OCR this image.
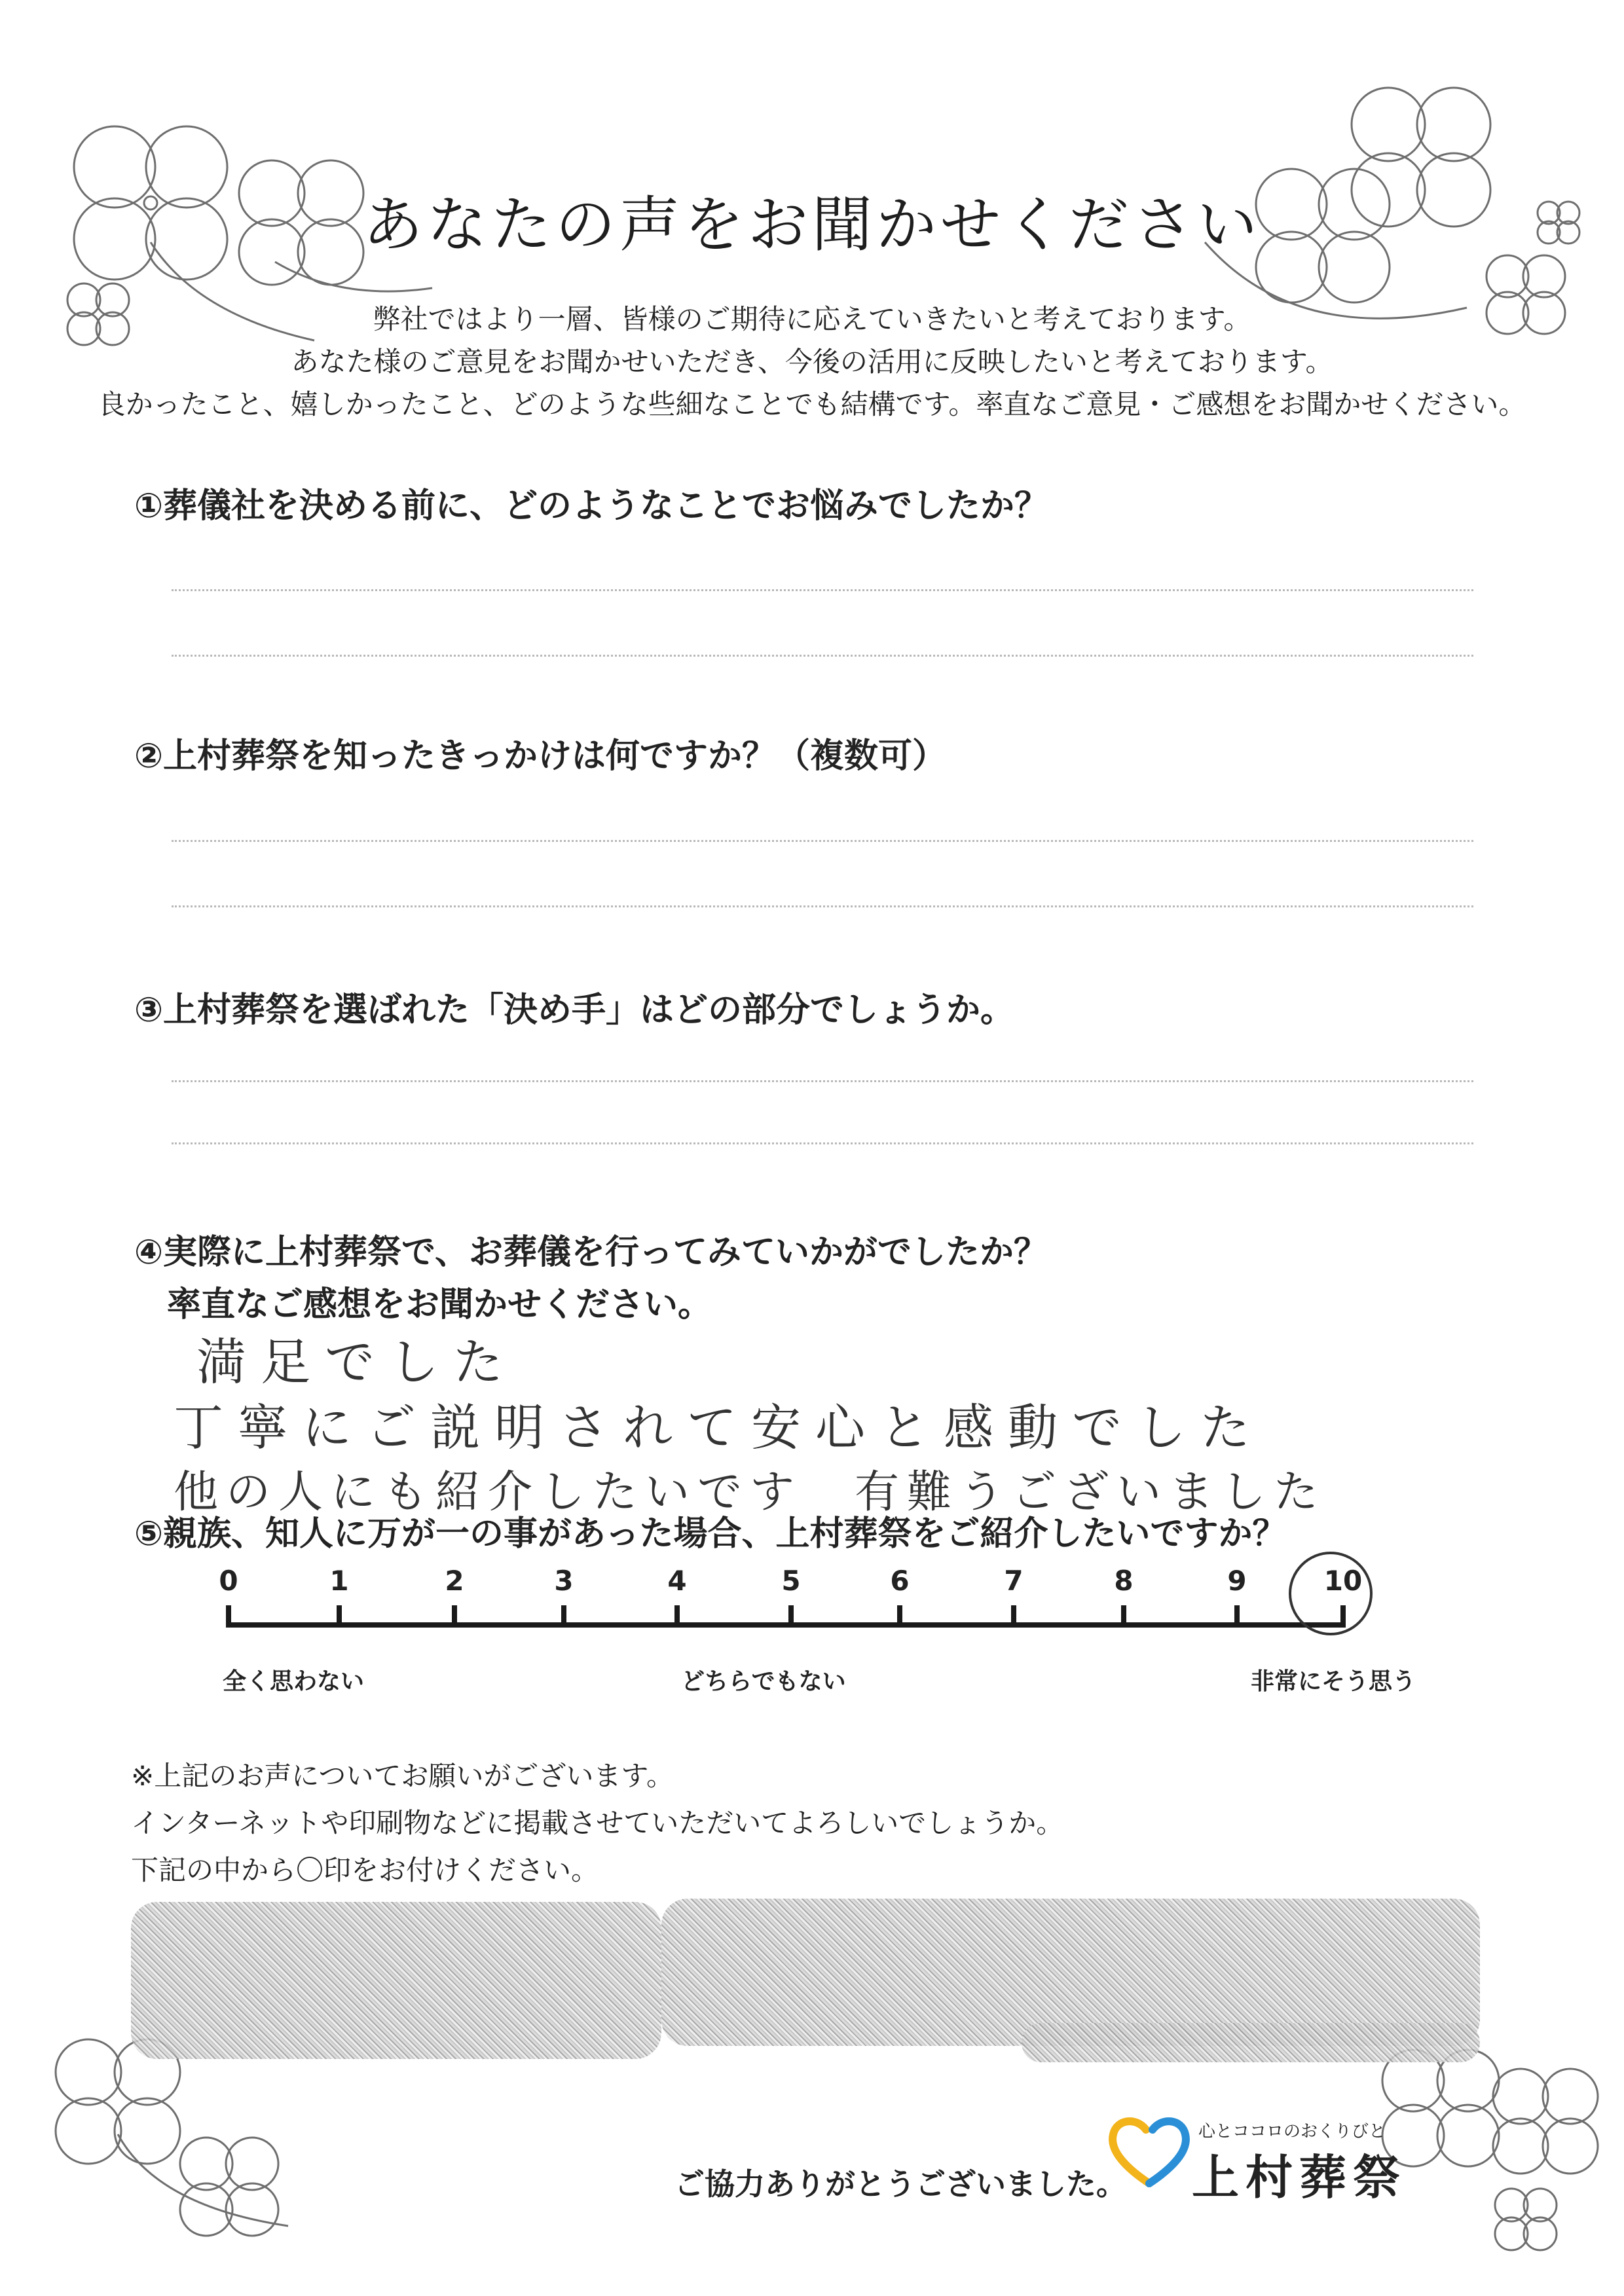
あなたの声をお聞かせください
弊社ではより一層、皆様のご期待に応えていきたいと考えております。
あなた様のご意見をお聞かせいただき、今後の活用に反映したいと考えております。
良かったこと、嬉しかったこと、どのような些細なことでも結構です。率直なご意見・ご感想をお聞かせください。
①葬儀社を決める前に、どのようなことでお悩みでしたか？
②上村葬祭を知ったきっかけは何ですか？（複数可）
③上村葬祭を選ばれた「決め手」はどの部分でしょうか。
④実際に上村葬祭で、お葬儀を行ってみていかがでしたか？
率直なご感想をお聞かせください。
満足でした
丁寧にご説明されて安心と感動でした
他の人にも紹介したいです　有難うございました
⑤親族、知人に万が一の事があった場合、上村葬祭をご紹介したいですか？
0	1	2	3	4	5	6	7	8	9	10
全く思わない	どちらでもない	非常にそう思う
※上記のお声についてお願いがございます。
インターネットや印刷物などに掲載させていただいてよろしいでしょうか。
下記の中から〇印をお付けください。
ご協力ありがとうございました。
心とココロのおくりびと
上村葬祭
